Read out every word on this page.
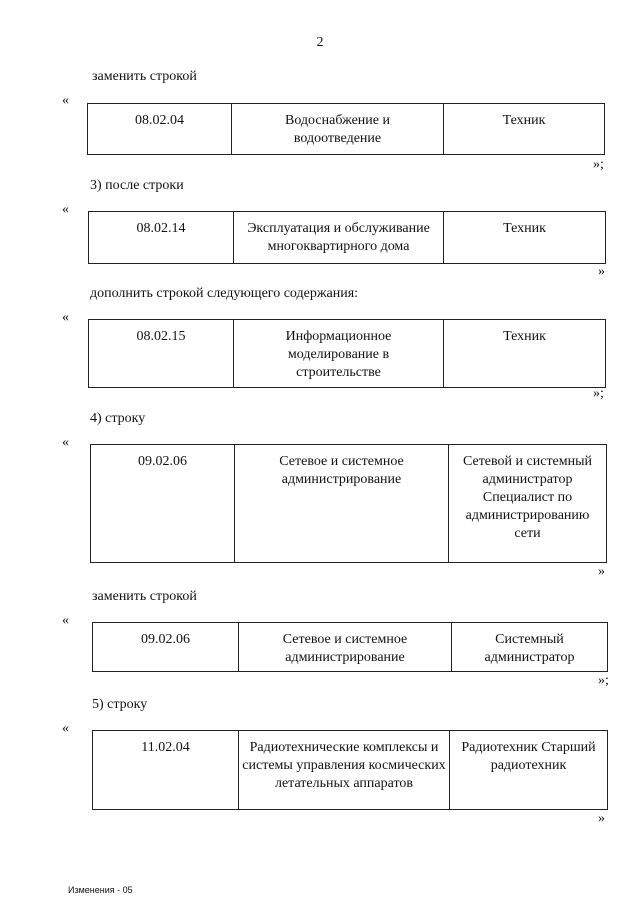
2
заменить строкой
«
08.02.04	Водоснабжение и водоотведение	Техник
»;
3) после строки
«
08.02.14	Эксплуатация и обслуживание многоквартирного дома	Техник
»
дополнить строкой следующего содержания:
«
08.02.15	Информационное моделирование в строительстве	Техник
»;
4) строку
«
09.02.06	Сетевое и системное администрирование	Сетевой и системный администратор Специалист по администрированию сети
»
заменить строкой
«
09.02.06	Сетевое и системное администрирование	Системный администратор
»;
5) строку
«
11.02.04	Радиотехнические комплексы и системы управления космических летательных аппаратов	Радиотехник Старший радиотехник
»
Изменения - 05
